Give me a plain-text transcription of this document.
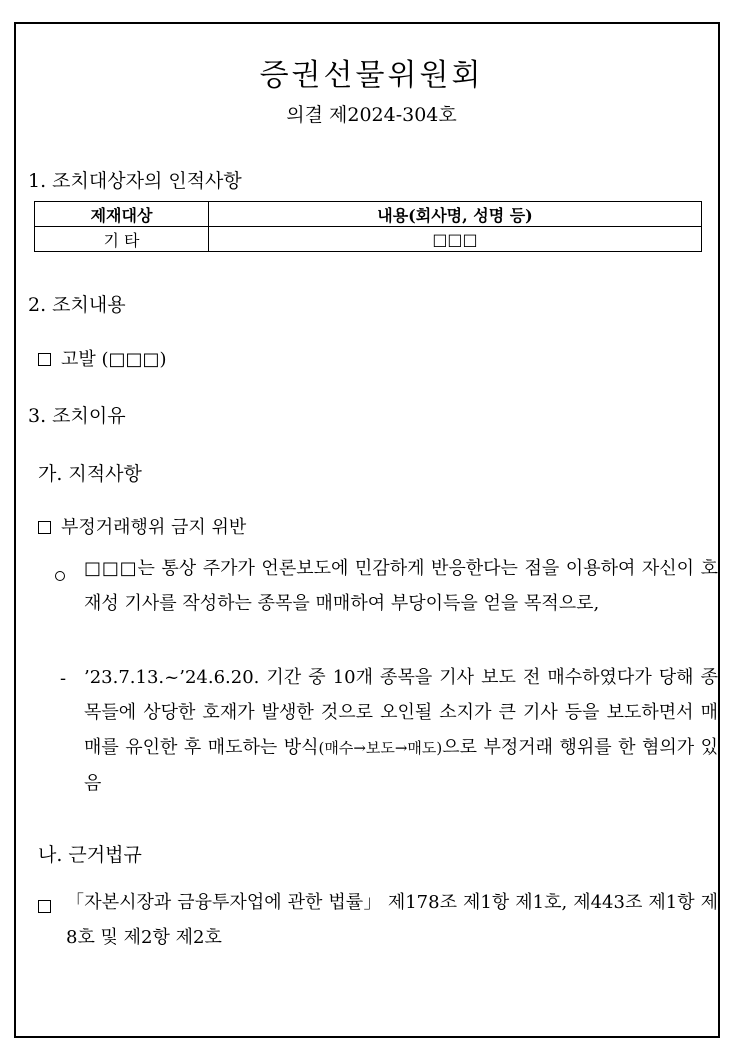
증권선물위원회
의결 제2024-304호
1. 조치대상자의 인적사항
제재대상	내용(회사명, 성명 등)
기 타	□□□
2. 조치내용
고발 (□□□)
3. 조치이유
가. 지적사항
부정거래행위 금지 위반
□□□는 통상 주가가 언론보도에 민감하게 반응한다는 점을 이용하여 자신이 호재성 기사를 작성하는 종목을 매매하여 부당이득을 얻을 목적으로,
- ’23.7.13.~’24.6.20. 기간 중 10개 종목을 기사 보도 전 매수하였다가 당해 종목들에 상당한 호재가 발생한 것으로 오인될 소지가 큰 기사 등을 보도하면서 매매를 유인한 후 매도하는 방식(매수→보도→매도)으로 부정거래 행위를 한 혐의가 있음
나. 근거법규
「자본시장과 금융투자업에 관한 법률」 제178조 제1항 제1호, 제443조 제1항 제8호 및 제2항 제2호
